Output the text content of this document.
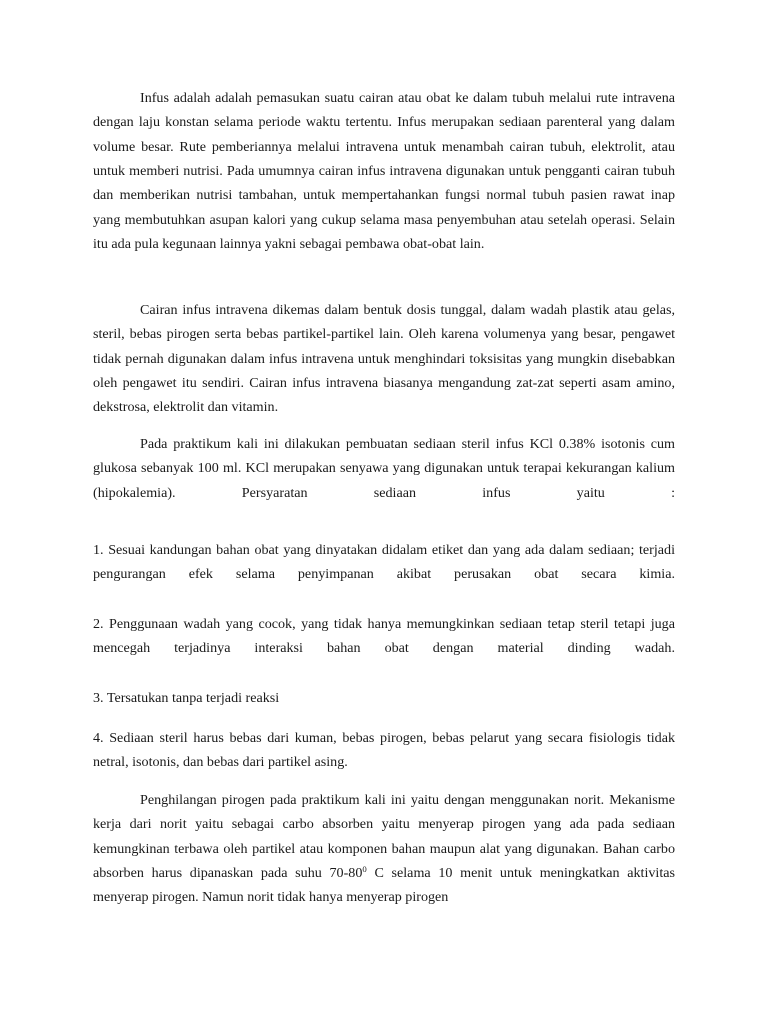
Infus adalah adalah pemasukan suatu cairan atau obat ke dalam tubuh melalui rute intravena dengan laju konstan selama periode waktu tertentu. Infus merupakan sediaan parenteral yang dalam volume besar. Rute pemberiannya melalui intravena untuk menambah cairan tubuh, elektrolit, atau untuk memberi nutrisi. Pada umumnya cairan infus intravena digunakan untuk pengganti cairan tubuh dan memberikan nutrisi tambahan, untuk mempertahankan fungsi normal tubuh pasien rawat inap yang membutuhkan asupan kalori yang cukup selama masa penyembuhan atau setelah operasi. Selain itu ada pula kegunaan lainnya yakni sebagai pembawa obat-obat lain.

Cairan infus intravena dikemas dalam bentuk dosis tunggal, dalam wadah plastik atau gelas, steril, bebas pirogen serta bebas partikel-partikel lain. Oleh karena volumenya yang besar, pengawet tidak pernah digunakan dalam infus intravena untuk menghindari toksisitas yang mungkin disebabkan oleh pengawet itu sendiri. Cairan infus intravena biasanya mengandung zat-zat seperti asam amino, dekstrosa, elektrolit dan vitamin.

Pada praktikum kali ini dilakukan pembuatan sediaan steril infus KCl 0.38% isotonis cum glukosa sebanyak 100 ml. KCl merupakan senyawa yang digunakan untuk terapai kekurangan kalium (hipokalemia). Persyaratan sediaan infus yaitu :

1. Sesuai kandungan bahan obat yang dinyatakan didalam etiket dan yang ada dalam sediaan; terjadi pengurangan efek selama penyimpanan akibat perusakan obat secara kimia.

2. Penggunaan wadah yang cocok, yang tidak hanya memungkinkan sediaan tetap steril tetapi juga mencegah terjadinya interaksi bahan obat dengan material dinding wadah.

3. Tersatukan tanpa terjadi reaksi

4. Sediaan steril harus bebas dari kuman, bebas pirogen, bebas pelarut yang secara fisiologis tidak netral, isotonis, dan bebas dari partikel asing.

Penghilangan pirogen pada praktikum kali ini yaitu dengan menggunakan norit. Mekanisme kerja dari norit yaitu sebagai carbo absorben yaitu menyerap pirogen yang ada pada sediaan kemungkinan terbawa oleh partikel atau komponen bahan maupun alat yang digunakan. Bahan carbo absorben harus dipanaskan pada suhu $70-80^0$ C selama 10 menit untuk meningkatkan aktivitas menyerap pirogen. Namun norit tidak hanya menyerap pirogen
